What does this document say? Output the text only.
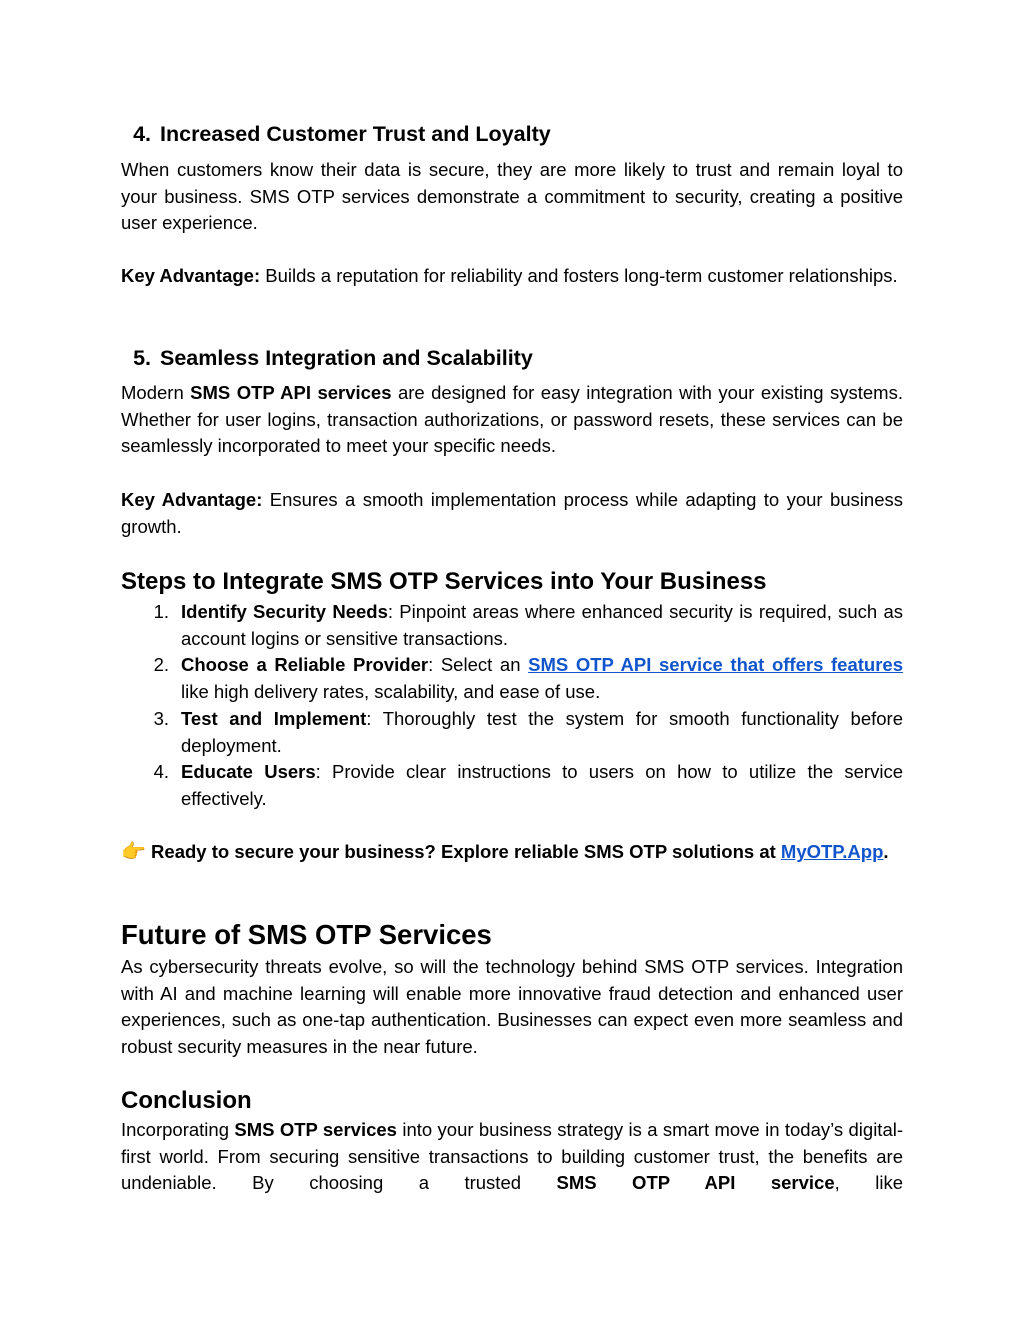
4. Increased Customer Trust and Loyalty

When customers know their data is secure, they are more likely to trust and remain loyal to your business. SMS OTP services demonstrate a commitment to security, creating a positive user experience.

Key Advantage: Builds a reputation for reliability and fosters long-term customer relationships.

5. Seamless Integration and Scalability

Modern SMS OTP API services are designed for easy integration with your existing systems. Whether for user logins, transaction authorizations, or password resets, these services can be seamlessly incorporated to meet your specific needs.

Key Advantage: Ensures a smooth implementation process while adapting to your business growth.

Steps to Integrate SMS OTP Services into Your Business
1. Identify Security Needs: Pinpoint areas where enhanced security is required, such as account logins or sensitive transactions.
2. Choose a Reliable Provider: Select an SMS OTP API service that offers features like high delivery rates, scalability, and ease of use.
3. Test and Implement: Thoroughly test the system for smooth functionality before deployment.
4. Educate Users: Provide clear instructions to users on how to utilize the service effectively.

👉 Ready to secure your business? Explore reliable SMS OTP solutions at MyOTP.App.

Future of SMS OTP Services

As cybersecurity threats evolve, so will the technology behind SMS OTP services. Integration with AI and machine learning will enable more innovative fraud detection and enhanced user experiences, such as one-tap authentication. Businesses can expect even more seamless and robust security measures in the near future.

Conclusion

Incorporating SMS OTP services into your business strategy is a smart move in today’s digital-first world. From securing sensitive transactions to building customer trust, the benefits are undeniable. By choosing a trusted SMS OTP API service, like
